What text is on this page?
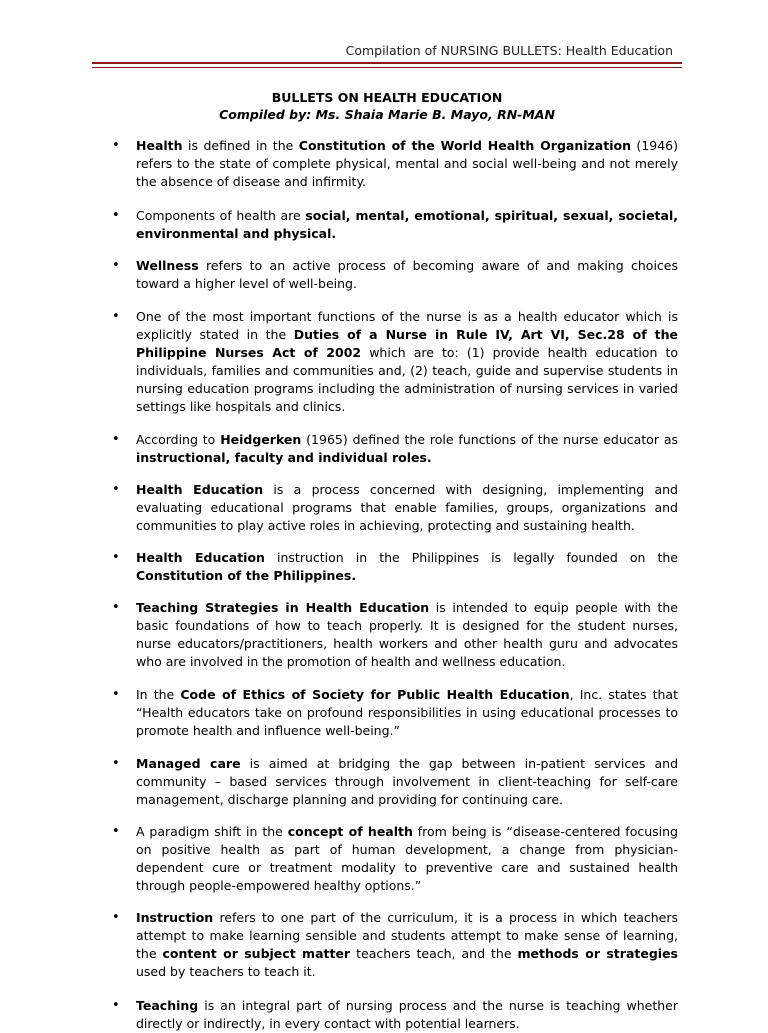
Compilation of NURSING BULLETS: Health Education
BULLETS ON HEALTH EDUCATION
Compiled by: Ms. Shaia Marie B. Mayo, RN-MAN
• Health is defined in the Constitution of the World Health Organization (1946) refers to the state of complete physical, mental and social well-being and not merely the absence of disease and infirmity.
• Components of health are social, mental, emotional, spiritual, sexual, societal, environmental and physical.
• Wellness refers to an active process of becoming aware of and making choices toward a higher level of well-being.
• One of the most important functions of the nurse is as a health educator which is explicitly stated in the Duties of a Nurse in Rule IV, Art VI, Sec.28 of the Philippine Nurses Act of 2002 which are to: (1) provide health education to individuals, families and communities and, (2) teach, guide and supervise students in nursing education programs including the administration of nursing services in varied settings like hospitals and clinics.
• According to Heidgerken (1965) defined the role functions of the nurse educator as instructional, faculty and individual roles.
• Health Education is a process concerned with designing, implementing and evaluating educational programs that enable families, groups, organizations and communities to play active roles in achieving, protecting and sustaining health.
• Health Education instruction in the Philippines is legally founded on the Constitution of the Philippines.
• Teaching Strategies in Health Education is intended to equip people with the basic foundations of how to teach properly. It is designed for the student nurses, nurse educators/practitioners, health workers and other health guru and advocates who are involved in the promotion of health and wellness education.
• In the Code of Ethics of Society for Public Health Education, Inc. states that “Health educators take on profound responsibilities in using educational processes to promote health and influence well-being.”
• Managed care is aimed at bridging the gap between in-patient services and community – based services through involvement in client-teaching for self-care management, discharge planning and providing for continuing care.
• A paradigm shift in the concept of health from being is “disease-centered focusing on positive health as part of human development, a change from physician-dependent cure or treatment modality to preventive care and sustained health through people-empowered healthy options.”
• Instruction refers to one part of the curriculum, it is a process in which teachers attempt to make learning sensible and students attempt to make sense of learning, the content or subject matter teachers teach, and the methods or strategies used by teachers to teach it.
• Teaching is an integral part of nursing process and the nurse is teaching whether directly or indirectly, in every contact with potential learners.
